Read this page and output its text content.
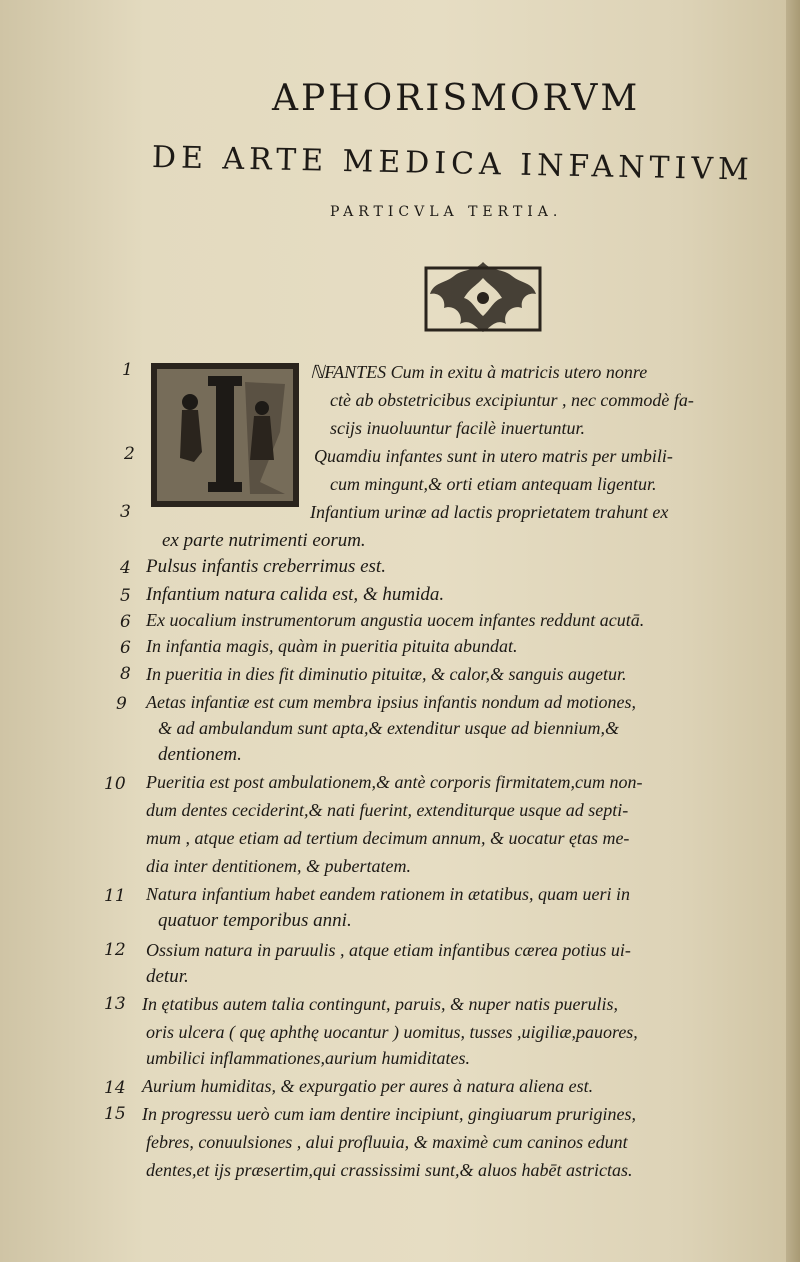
APHORISMORVM
DE ARTE MEDICA INFANTIVM
PARTICVLA TERTIA.
1
2
3
4
5
6
6
8
9
10
11
12
13
14
15
ℕFANTES Cum in exitu à matricis utero nonre
ctè ab obstetricibus excipiuntur , nec commodè fa-
scijs inuoluuntur facilè inuertuntur.
Quamdiu infantes sunt in utero matris per umbili-
cum mingunt,& orti etiam antequam ligentur.
Infantium urinæ ad lactis proprietatem trahunt ex
ex parte nutrimenti eorum.
Pulsus infantis creberrimus est.
Infantium natura calida est, & humida.
Ex uocalium instrumentorum angustia uocem infantes reddunt acutā.
In infantia magis, quàm in pueritia pituita abundat.
In pueritia in dies fit diminutio pituitæ, & calor,& sanguis augetur.
Aetas infantiæ est cum membra ipsius infantis nondum ad motiones,
& ad ambulandum sunt apta,& extenditur usque ad biennium,&
dentionem.
Pueritia est post ambulationem,& antè corporis firmitatem,cum non-
dum dentes ceciderint,& nati fuerint, extenditurque usque ad septi-
mum , atque etiam ad tertium decimum annum, & uocatur ętas me-
dia inter dentitionem, & pubertatem.
Natura infantium habet eandem rationem in ætatibus, quam ueri in
quatuor temporibus anni.
Ossium natura in paruulis , atque etiam infantibus cærea potius ui-
detur.
In ętatibus autem talia contingunt, paruis, & nuper natis puerulis,
oris ulcera ( quę aphthę uocantur ) uomitus, tusses ,uigiliæ,pauores,
umbilici inflammationes,aurium humiditates.
Aurium humiditas, & expurgatio per aures à natura aliena est.
In progressu uerò cum iam dentire incipiunt, gingiuarum prurigines,
febres, conuulsiones , alui profluuia, & maximè cum caninos edunt
dentes,et ijs præsertim,qui crassissimi sunt,& aluos habēt astrictas.
